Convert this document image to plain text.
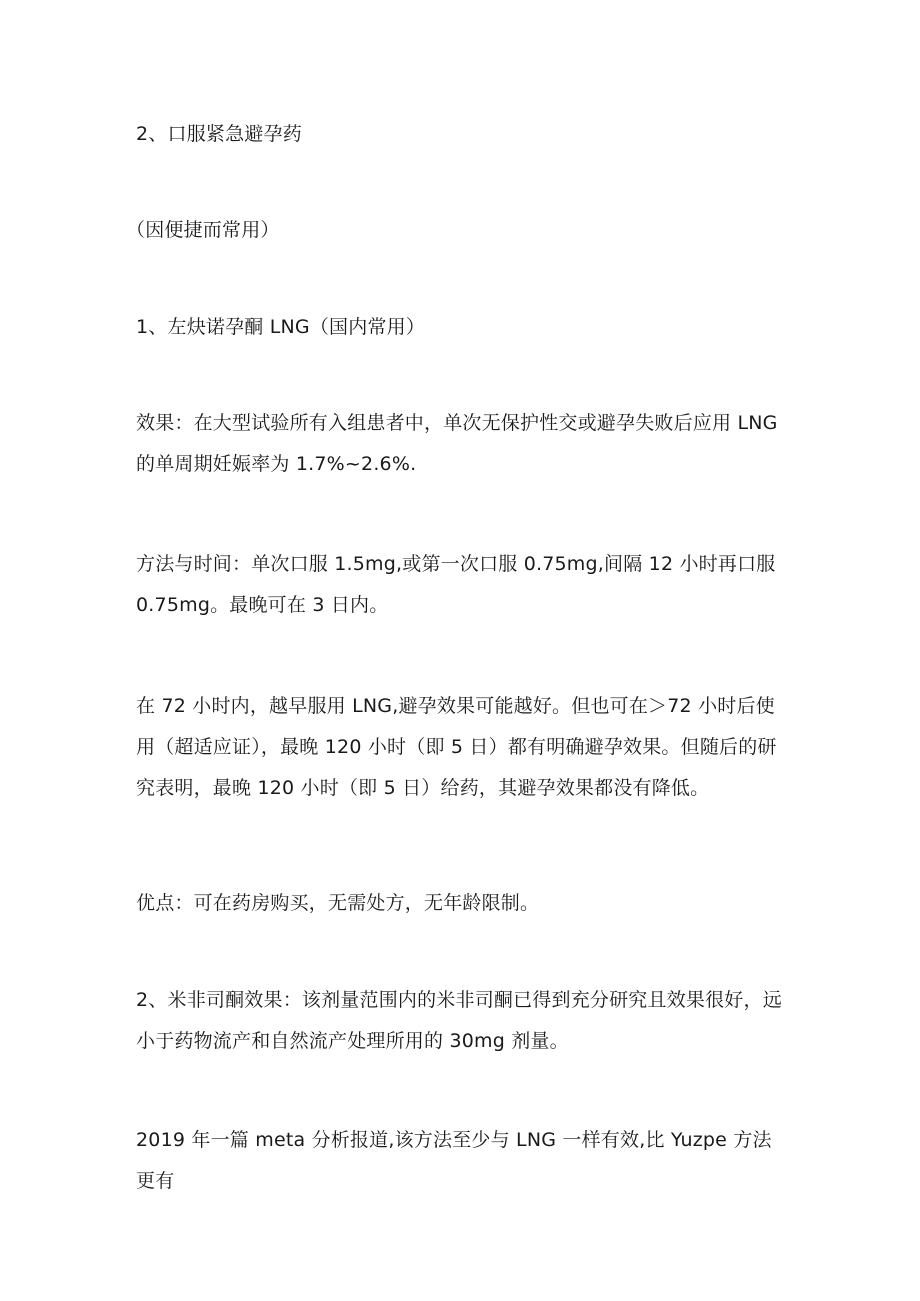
2、口服紧急避孕药

（因便捷而常用）

1、左炔诺孕酮 LNG（国内常用）

效果：在大型试验所有入组患者中，单次无保护性交或避孕失败后应用 LNG 的单周期妊娠率为 1.7%~2.6%.

方法与时间：单次口服 1.5mg,或第一次口服 0.75mg,间隔 12 小时再口服 0.75mg。最晚可在 3 日内。

在 72 小时内，越早服用 LNG,避孕效果可能越好。但也可在＞72 小时后使用（超适应证），最晚 120 小时（即 5 日）都有明确避孕效果。但随后的研究表明，最晚 120 小时（即 5 日）给药，其避孕效果都没有降低。

优点：可在药房购买，无需处方，无年龄限制。

2、米非司酮效果：该剂量范围内的米非司酮已得到充分研究且效果很好，远小于药物流产和自然流产处理所用的 30mg 剂量。

2019 年一篇 meta 分析报道,该方法至少与 LNG 一样有效,比 Yuzpe 方法更有
